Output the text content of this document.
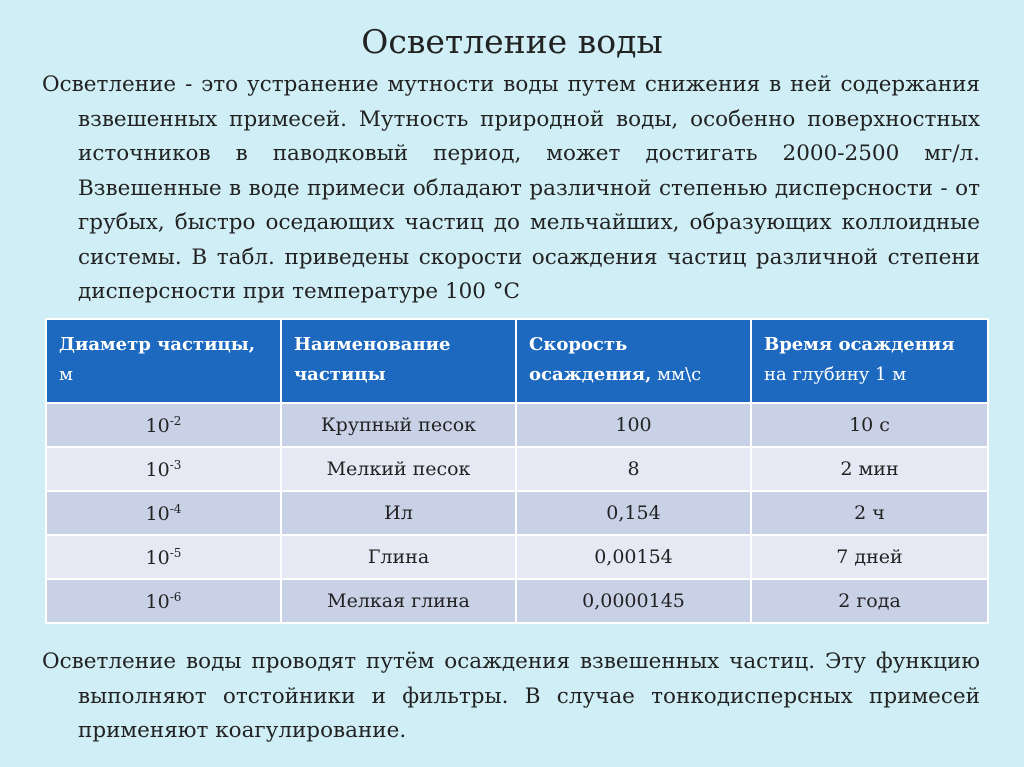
Осветление воды
Осветление - это устранение мутности воды путем снижения в ней содержания взвешенных примесей. Мутность природной воды, особенно поверхностных источников в паводковый период, может достигать 2000-2500 мг/л. Взвешенные в воде примеси обладают различной степенью дисперсности - от грубых, быстро оседающих частиц до мельчайших, образующих коллоидные системы. В табл. приведены скорости осаждения частиц различной степени дисперсности при температуре 100 °С
Диаметр частицы, м	Наименование частицы	Скорость осаждения, мм\с	Время осаждения на глубину 1 м
$10^{-2}$	Крупный песок	100	10 с
$10^{-3}$	Мелкий песок	8	2 мин
$10^{-4}$	Ил	0,154	2 ч
$10^{-5}$	Глина	0,00154	7 дней
$10^{-6}$	Мелкая глина	0,0000145	2 года
Осветление воды проводят путём осаждения взвешенных частиц. Эту функцию выполняют отстойники и фильтры. В случае тонкодисперсных примесей применяют коагулирование.
